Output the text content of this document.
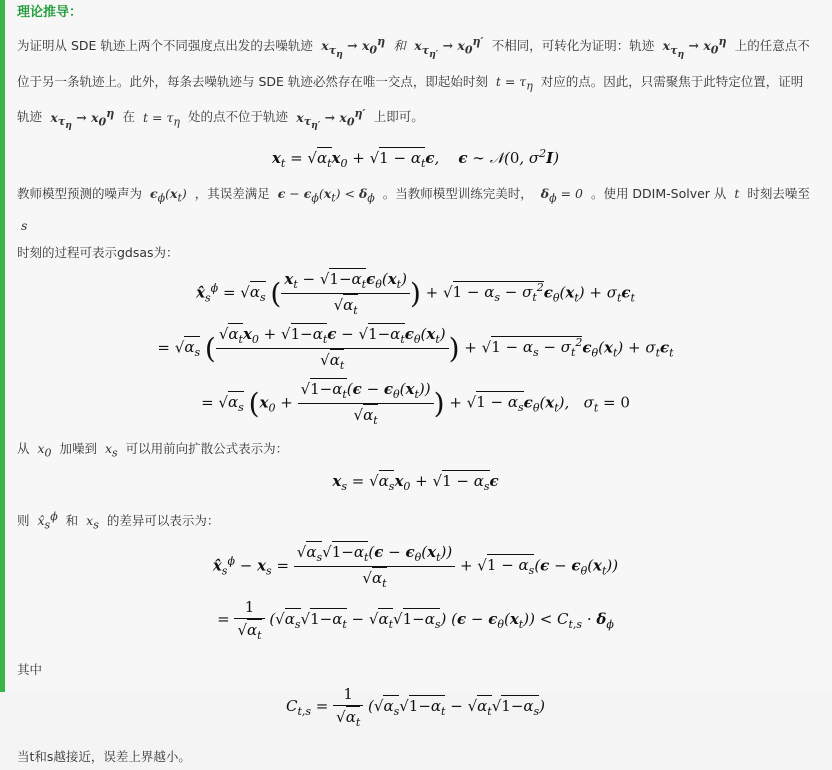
理论推导：
为证明从 SDE 轨迹上两个不同强度点出发的去噪轨迹  $x_{\tau_\eta} \to x_0^\eta$ 和  $x_{\tau_{\eta'}} \to x_0^{\eta'}$ 不相同，可转化为证明：轨迹  $x_{\tau_\eta} \to x_0^\eta$ 上的任意点不位于另一条轨迹上。此外，每条去噪轨迹与 SDE 轨迹必然存在唯一交点，即起始时刻  $t = \tau_\eta$ 对应的点。因此，只需聚焦于此特定位置，证明轨迹  $x_{\tau_\eta} \to x_0^\eta$ 在  $t = \tau_\eta$ 处的点不位于轨迹  $x_{\tau_{\eta'}} \to x_0^{\eta'}$ 上即可。
$x_t = √\alpha_tx_0 + √1 - \alpha_t\epsilon$,    ϵ ∼ 𝒩(0, $\sigma^2I$)
教师模型预测的噪声为 $\epsilon_\phi(x_t)$  ，其误差满足 $\epsilon - \epsilon_\phi(x_t) < \delta_\phi$ 。当教师模型训练完美时， $\delta_\phi = 0$ 。使用 DDIM-Solver 从  t  时刻去噪至  s
时刻的过程可表示gdsas为：
$x̂_s^\phi = √\alpha_s$ ( $\frac{x_t - √1-\alpha_t\epsilon_\theta(x_t)}{√\alpha_t}$ ) + $√1 - \alpha_s - \sigma_t^2\epsilon_\theta(x_t) + \sigma_t\epsilon_t$
= $√\alpha_s$ ( $\frac{√\alpha_tx_0 + √1-\alpha_t\epsilon - √1-\alpha_t\epsilon_\theta(x_t)}{√\alpha_t}$ ) + $√1 - \alpha_s - \sigma_t^2\epsilon_\theta(x_t) + \sigma_t\epsilon_t$
= $√\alpha_s$ ($x_0 + \frac{√1-\alpha_t(\epsilon - \epsilon_\theta(x_t))}{√\alpha_t}$ ) + $√1 - \alpha_s\epsilon_\theta(x_t)$,   $\sigma_t = 0$
从  $x_0$ 加噪到  $x_s$ 可以用前向扩散公式表示为：
$x_s = √\alpha_sx_0 + √1 - \alpha_s\epsilon$
则  $x̂_s^\phi$ 和  $x_s$ 的差异可以表示为：
$x̂_s^\phi - x_s = \frac{√\alpha_s√1-\alpha_t(\epsilon - \epsilon_\theta(x_t))}{√\alpha_t} + √1 - \alpha_s(\epsilon - \epsilon_\theta(x_t))$
= $\frac{1}{√\alpha_t} (√\alpha_s√1-\alpha_t - √\alpha_t√1-\alpha_s) (\epsilon - \epsilon_\theta(x_t)) < C_{t,s} \cdot \delta_\phi$
其中
$C_{t,s} = \frac{1}{√\alpha_t} (√\alpha_s√1-\alpha_t - √\alpha_t√1-\alpha_s)$
当t和s越接近，误差上界越小。
